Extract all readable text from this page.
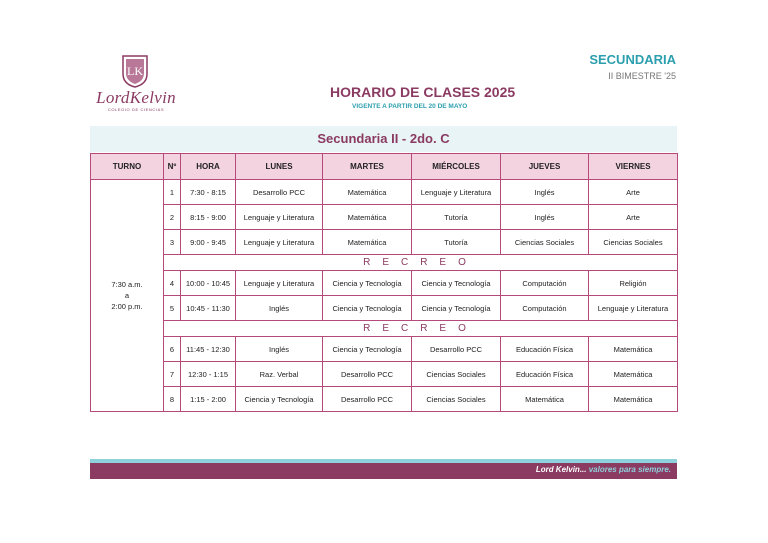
LK
LordKelvin
COLEGIO DE CIENCIAS
HORARIO DE CLASES 2025
VIGENTE A PARTIR DEL 20 DE MAYO
SECUNDARIA
II BIMESTRE '25
Secundaria II - 2do. C
TURNO	Nº	HORA	LUNES	MARTES	MIÉRCOLES	JUEVES	VIERNES

7:30 a.m.
a
2:00 p.m.	1	7:30 - 8:15	Desarrollo PCC	Matemática	Lenguaje y Literatura	Inglés	Arte
	2	8:15 - 9:00	Lenguaje y Literatura	Matemática	Tutoría	Inglés	Arte
	3	9:00 - 9:45	Lenguaje y Literatura	Matemática	Tutoría	Ciencias Sociales	Ciencias Sociales
	RECREO						
	4	10:00 - 10:45	Lenguaje y Literatura	Ciencia y Tecnología	Ciencia y Tecnología	Computación	Religión
	5	10:45 - 11:30	Inglés	Ciencia y Tecnología	Ciencia y Tecnología	Computación	Lenguaje y Literatura
	RECREO						
	6	11:45 - 12:30	Inglés	Ciencia y Tecnología	Desarrollo PCC	Educación Física	Matemática
	7	12:30 - 1:15	Raz. Verbal	Desarrollo PCC	Ciencias Sociales	Educación Física	Matemática
	8	1:15 - 2:00	Ciencia y Tecnología	Desarrollo PCC	Ciencias Sociales	Matemática	Matemática
Lord Kelvin... valores para siempre.
